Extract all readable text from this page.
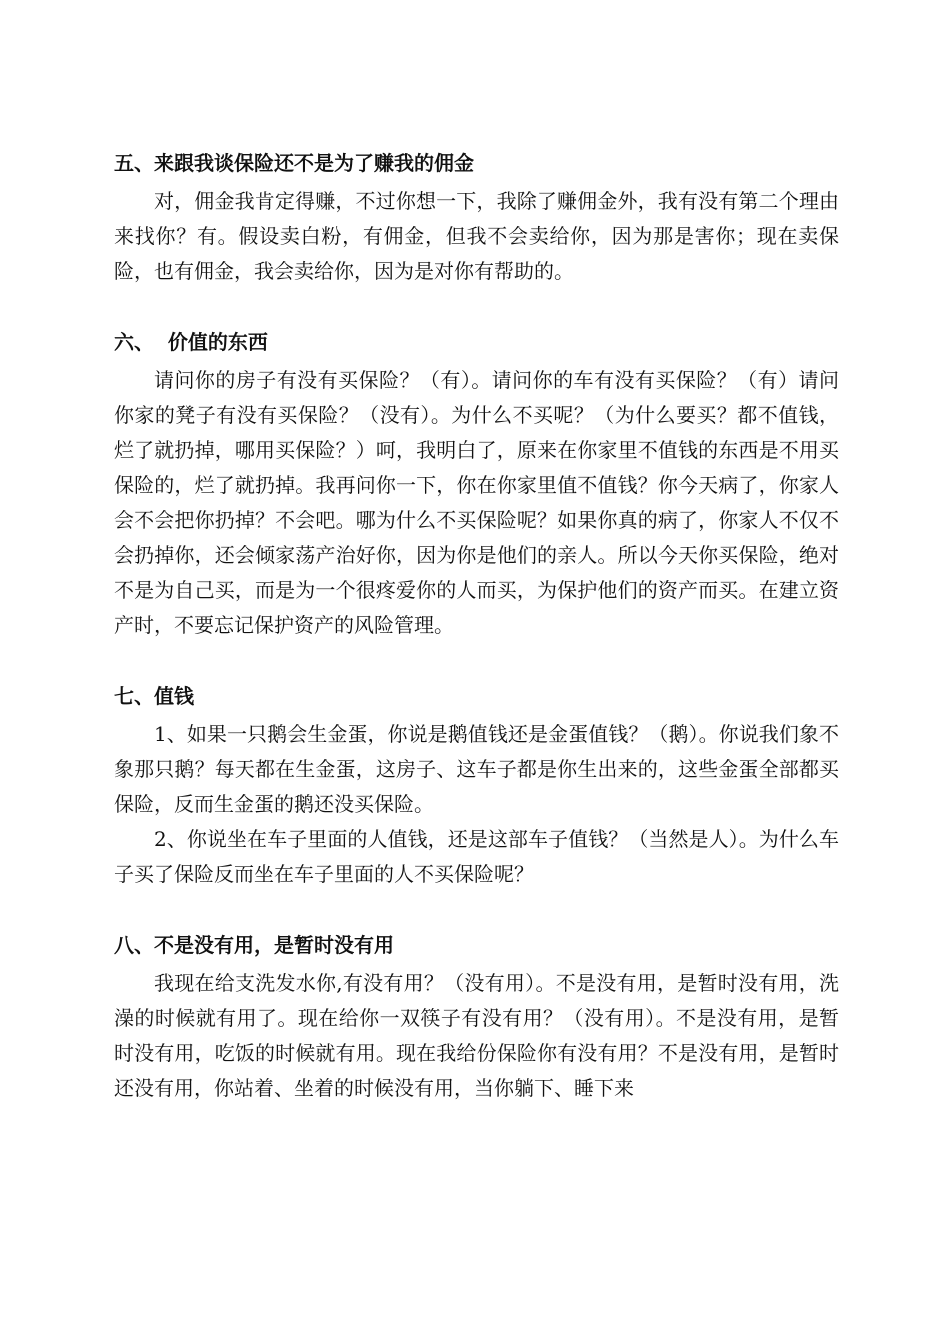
五、来跟我谈保险还不是为了赚我的佣金

对，佣金我肯定得赚，不过你想一下，我除了赚佣金外，我有没有第二个理由来找你？有。假设卖白粉，有佣金，但我不会卖给你，因为那是害你；现在卖保险，也有佣金，我会卖给你，因为是对你有帮助的。

六、  价值的东西

请问你的房子有没有买保险？（有）。请问你的车有没有买保险？（有）请问你家的凳子有没有买保险？（没有）。为什么不买呢？（为什么要买？都不值钱，烂了就扔掉，哪用买保险？）呵，我明白了，原来在你家里不值钱的东西是不用买保险的，烂了就扔掉。我再问你一下，你在你家里值不值钱？你今天病了，你家人会不会把你扔掉？不会吧。哪为什么不买保险呢？如果你真的病了，你家人不仅不会扔掉你，还会倾家荡产治好你，因为你是他们的亲人。所以今天你买保险，绝对不是为自己买，而是为一个很疼爱你的人而买，为保护他们的资产而买。在建立资产时，不要忘记保护资产的风险管理。

七、值钱

1、如果一只鹅会生金蛋，你说是鹅值钱还是金蛋值钱？（鹅）。你说我们象不象那只鹅？每天都在生金蛋，这房子、这车子都是你生出来的，这些金蛋全部都买保险，反而生金蛋的鹅还没买保险。

2、你说坐在车子里面的人值钱，还是这部车子值钱？（当然是人）。为什么车子买了保险反而坐在车子里面的人不买保险呢？

八、不是没有用，是暂时没有用

我现在给支洗发水你,有没有用？（没有用）。不是没有用，是暂时没有用，洗澡的时候就有用了。现在给你一双筷子有没有用？（没有用）。不是没有用，是暂时没有用，吃饭的时候就有用。现在我给份保险你有没有用？不是没有用，是暂时还没有用，你站着、坐着的时候没有用，当你躺下、睡下来
